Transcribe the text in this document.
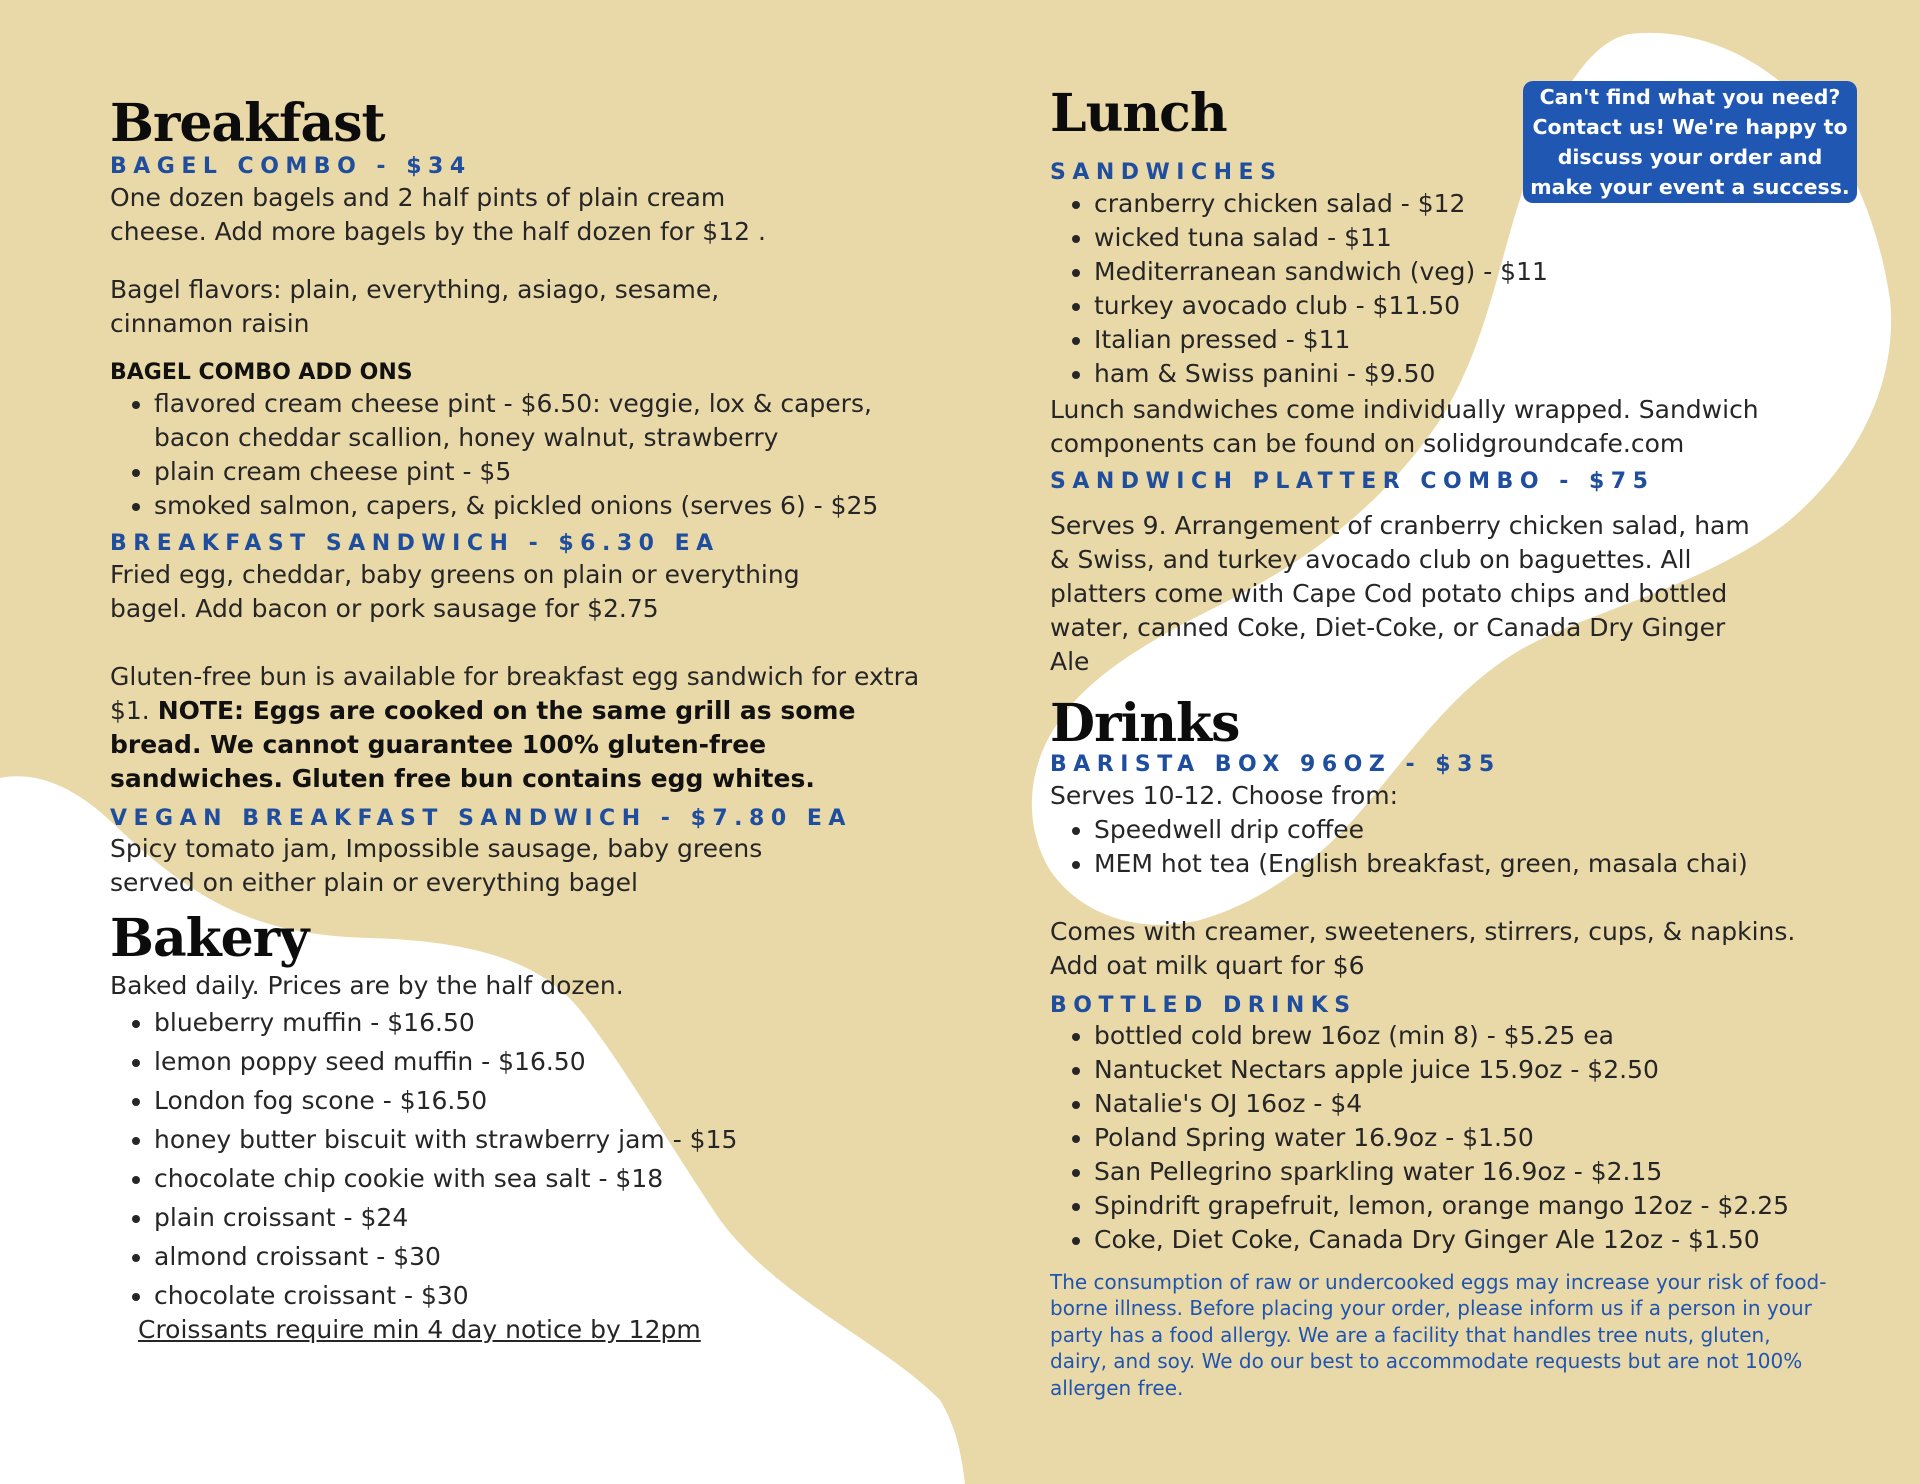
Can't find what you need? Contact us! We're happy to discuss your order and make your event a success.
Breakfast
BAGEL COMBO - $34

One dozen bagels and 2 half pints of plain cream cheese. Add more bagels by the half dozen for $12 .

Bagel flavors: plain, everything, asiago, sesame, cinnamon raisin

BAGEL COMBO ADD ONS
• flavored cream cheese pint - $6.50: veggie, lox & capers, bacon cheddar scallion, honey walnut, strawberry
• plain cream cheese pint - $5
• smoked salmon, capers, & pickled onions (serves 6) - $25
BREAKFAST SANDWICH - $6.30 EA

Fried egg, cheddar, baby greens on plain or everything bagel. Add bacon or pork sausage for $2.75

Gluten-free bun is available for breakfast egg sandwich for extra $1. NOTE: Eggs are cooked on the same grill as some bread. We cannot guarantee 100% gluten-free sandwiches. Gluten free bun contains egg whites.

VEGAN BREAKFAST SANDWICH - $7.80 EA

Spicy tomato jam, Impossible sausage, baby greens served on either plain or everything bagel

Bakery

Baked daily. Prices are by the half dozen.

• blueberry muffin - $16.50
• lemon poppy seed muffin - $16.50
• London fog scone - $16.50
• honey butter biscuit with strawberry jam - $15
• chocolate chip cookie with sea salt - $18
• plain croissant - $24
• almond croissant - $30
• chocolate croissant - $30
Croissants require min 4 day notice by 12pm
Lunch
SANDWICHES
• cranberry chicken salad - $12
• wicked tuna salad - $11
• Mediterranean sandwich (veg) - $11
• turkey avocado club - $11.50
• Italian pressed - $11
• ham & Swiss panini - $9.50

Lunch sandwiches come individually wrapped. Sandwich components can be found on solidgroundcafe.com

SANDWICH PLATTER COMBO - $75

Serves 9. Arrangement of cranberry chicken salad, ham & Swiss, and turkey avocado club on baguettes. All platters come with Cape Cod potato chips and bottled water, canned Coke, Diet-Coke, or Canada Dry Ginger Ale

Drinks
BARISTA BOX 96OZ - $35

Serves 10-12. Choose from:

• Speedwell drip coffee
• MEM hot tea (English breakfast, green, masala chai)

Comes with creamer, sweeteners, stirrers, cups, & napkins. Add oat milk quart for $6

BOTTLED DRINKS
• bottled cold brew 16oz (min 8) - $5.25 ea
• Nantucket Nectars apple juice 15.9oz - $2.50
• Natalie's OJ 16oz - $4
• Poland Spring water 16.9oz - $1.50
• San Pellegrino sparkling water 16.9oz - $2.15
• Spindrift grapefruit, lemon, orange mango 12oz - $2.25
• Coke, Diet Coke, Canada Dry Ginger Ale 12oz - $1.50

The consumption of raw or undercooked eggs may increase your risk of food-borne illness. Before placing your order, please inform us if a person in your party has a food allergy. We are a facility that handles tree nuts, gluten, dairy, and soy. We do our best to accommodate requests but are not 100% allergen free.
